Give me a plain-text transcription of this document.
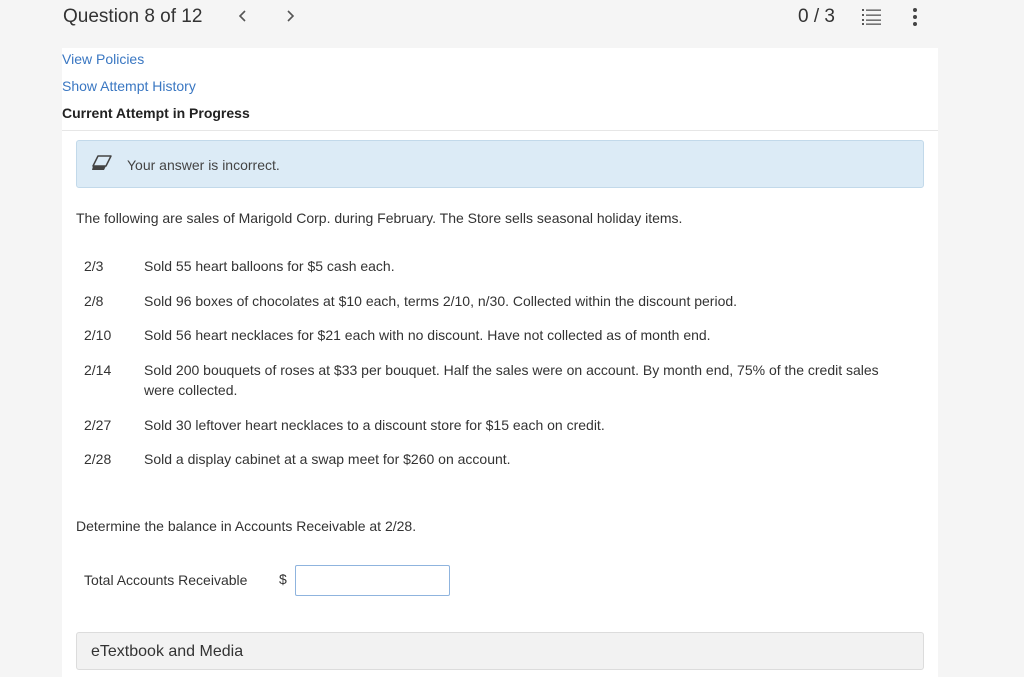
Question 8 of 12	0 / 3
View Policies
Show Attempt History
Current Attempt in Progress
Your answer is incorrect.
The following are sales of Marigold Corp. during February. The Store sells seasonal holiday items.
2/3	Sold 55 heart balloons for $5 cash each.
2/8	Sold 96 boxes of chocolates at $10 each, terms 2/10, n/30. Collected within the discount period.
2/10 Sold 56 heart necklaces for $21 each with no discount. Have not collected as of month end.
2/14 Sold 200 bouquets of roses at $33 per bouquet. Half the sales were on account. By month end, 75% of the credit sales were collected.
2/27 Sold 30 leftover heart necklaces to a discount store for $15 each on credit.
2/28 Sold a display cabinet at a swap meet for $260 on account.
Determine the balance in Accounts Receivable at 2/28.
Total Accounts Receivable $
eTextbook and Media
